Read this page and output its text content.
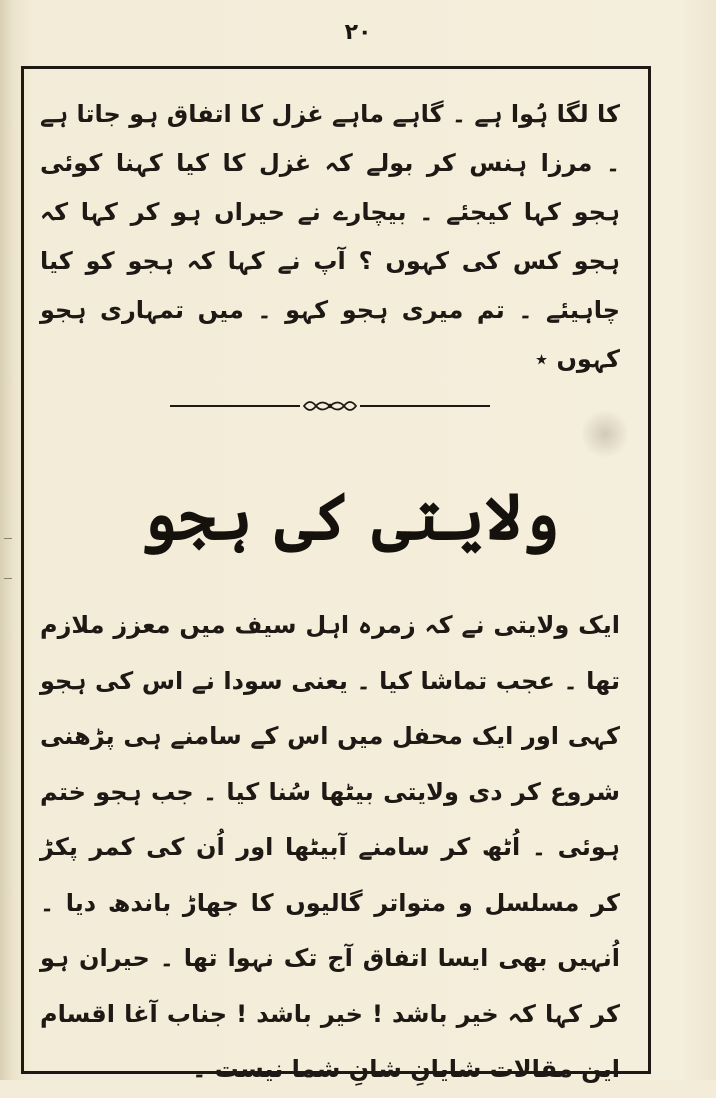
۲۰
کا لگا ہُوا ہے ۔ گاہے ماہے غزل کا اتفاق ہو جاتا ہے ۔ مرزا ہنس کر بولے کہ غزل کا کیا کہنا کوئی ہجو کہا کیجئے ۔ بیچارے نے حیراں ہو کر کہا کہ ہجو کس کی کہوں ؟ آپ نے کہا کہ ہجو کو کیا چاہیئے ۔ تم میری ہجو کہو ۔ میں تمہاری ہجو کہوں ٭
ولایتی کی ہجو
ایک ولایتی نے کہ زمرہ اہل سیف میں معزز ملازم تھا ۔ عجب تماشا کیا ۔ یعنی سودا نے اس کی ہجو کہی اور ایک محفل میں اس کے سامنے ہی پڑھنی شروع کر دی ولایتی بیٹھا سُنا کیا ۔ جب ہجو ختم ہوئی ۔ اُٹھ کر سامنے آبیٹھا اور اُن کی کمر پکڑ کر مسلسل و متواتر گالیوں کا جھاڑ باندھ دیا ۔ اُنہیں بھی ایسا اتفاق آج تک نہوا تھا ۔ حیران ہو کر کہا کہ خیر باشد ! خیر باشد ! جناب آغا اقسام این مقالات شایانِ شانِ شما نیست ۔
